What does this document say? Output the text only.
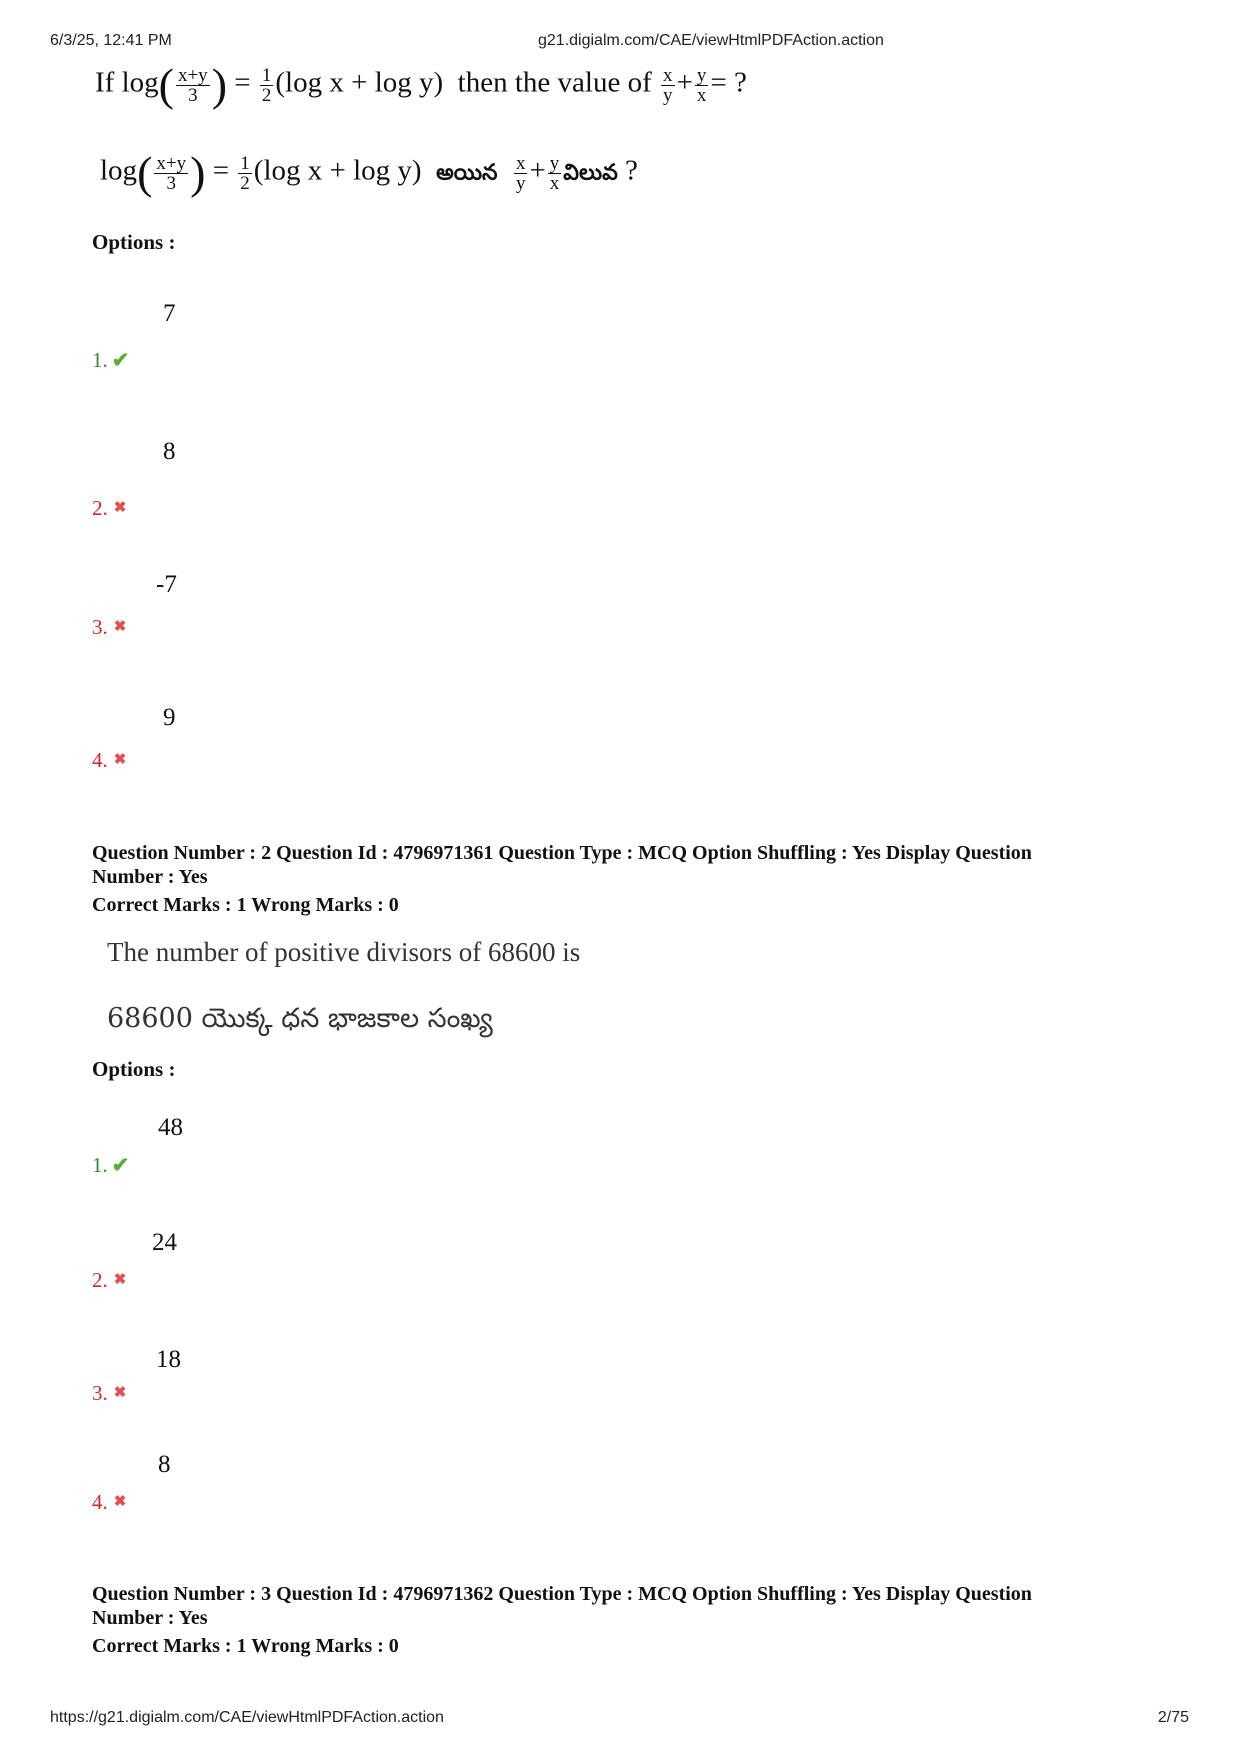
6/3/25, 12:41 PM	g21.digialm.com/CAE/viewHtmlPDFAction.action
If $\log( \frac{x+y}{3}$ ) = $\frac{1}{2} (\log$ x + log y) then the value of $\frac{x}{y} + \frac{y}{x}$ = ?
$\log( \frac{x+y}{3}$ ) = $\frac{1}{2} (\log$ x + log y) అయిన $\frac{x}{y} + \frac{y}{x}$ విలువ ?
Options :
7
1. ✔
8
2. ✖
-7
3. ✖
9
4. ✖
Question Number : 2 Question Id : 4796971361 Question Type : MCQ Option Shuffling : Yes Display Question
Number : Yes
Correct Marks : 1 Wrong Marks : 0
The number of positive divisors of 68600 is
68600 యొక్క ధన భాజకాల సంఖ్య
Options :
48
1. ✔
24
2. ✖
18
3. ✖
8
4. ✖
Question Number : 3 Question Id : 4796971362 Question Type : MCQ Option Shuffling : Yes Display Question
Number : Yes
Correct Marks : 1 Wrong Marks : 0
https://g21.digialm.com/CAE/viewHtmlPDFAction.action	2/75
